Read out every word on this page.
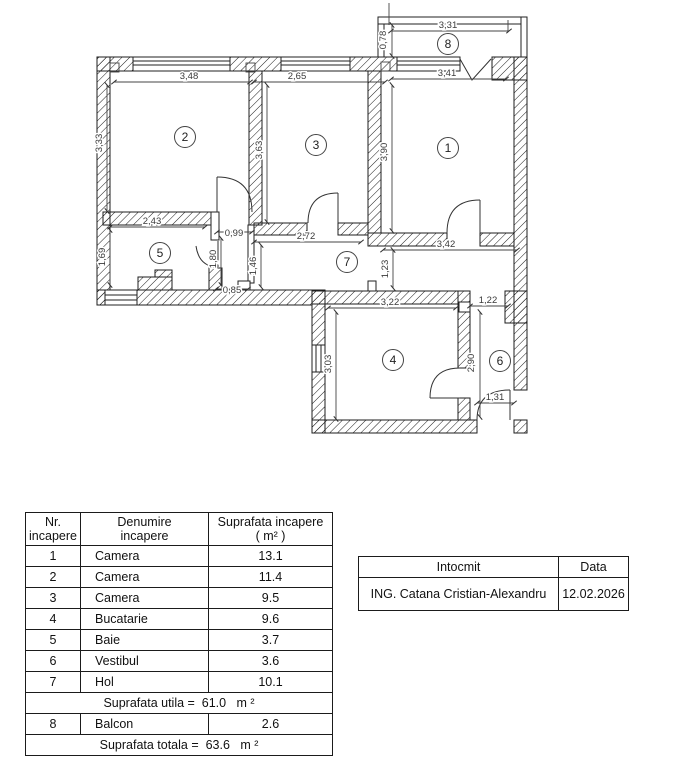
3,48	2,65	3,41
3,31
0,78
3,33	3,63	3,90
2,43
0,99	2,72
3,42
1,69	1,80	1,46	1,23
0,85
3,22	1,22
3,03	2,90
1,31
1
2
3
4
5
6
7
8
Nr.
incapere

Denumire
incapere

Suprafata incapere
( m² )

1	Camera	13.1
2	Camera	11.4
3	Camera	9.5
4	Bucatarie	9.6
5	Baie	3.7
6	Vestibul	3.6
7	Hol	10.1
Suprafata utila =  61.0   m ²		
8	Balcon	2.6
Suprafata totala =  63.6   m ²		
Intocmit	Data
ING. Catana Cristian-Alexandru	12.02.2026
